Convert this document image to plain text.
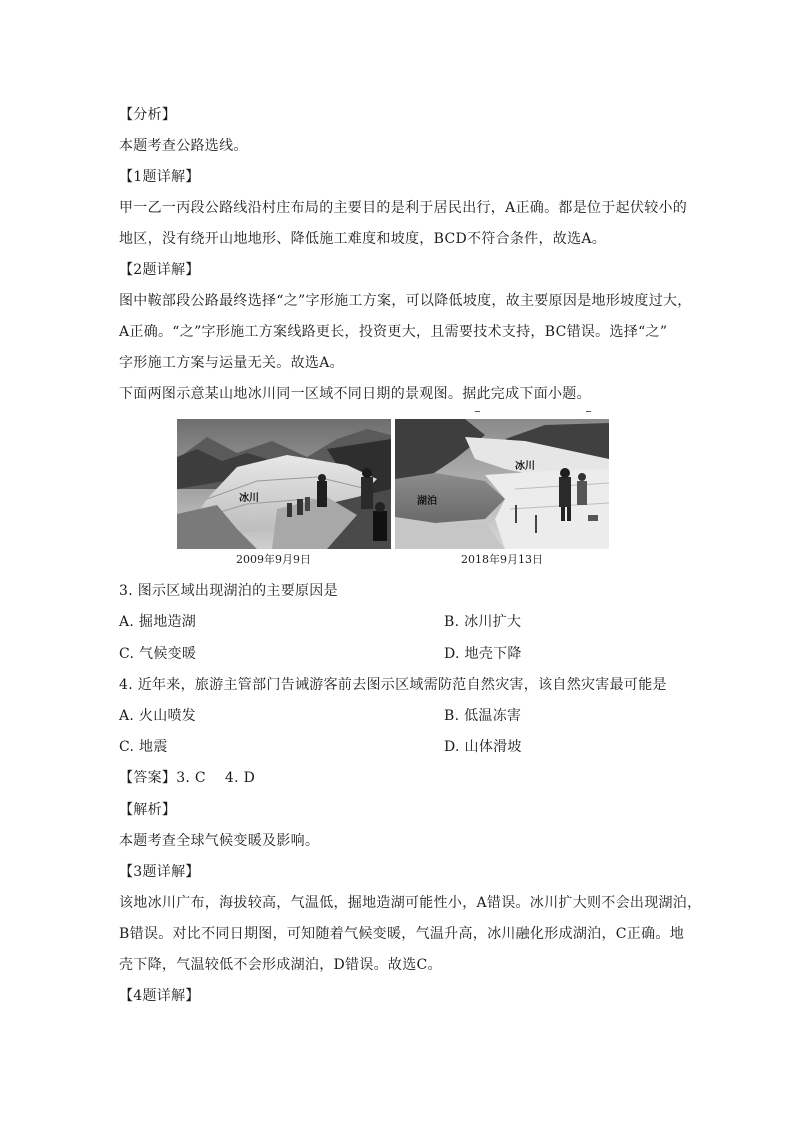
【分析】
本题考查公路选线。
【1题详解】
甲一乙一丙段公路线沿村庄布局的主要目的是利于居民出行，A正确。都是位于起伏较小的
地区，没有绕开山地地形、降低施工难度和坡度，BCD不符合条件，故选A。
【2题详解】
图中鞍部段公路最终选择“之”字形施工方案，可以降低坡度，故主要原因是地形坡度过大，
A正确。“之”字形施工方案线路更长，投资更大，且需要技术支持，BC错误。选择“之”
字形施工方案与运量无关。故选A。
下面两图示意某山地冰川同一区域不同日期的景观图。据此完成下面小题。
冰川
2009年9月9日
冰川
湖泊
2018年9月13日
3. 图示区域出现湖泊的主要原因是
A. 掘地造湖	B. 冰川扩大
C. 气候变暖	D. 地壳下降
4. 近年来，旅游主管部门告诫游客前去图示区域需防范自然灾害，该自然灾害最可能是
A. 火山喷发	B. 低温冻害
C. 地震	D. 山体滑坡
【答案】3. C    4. D
【解析】
本题考查全球气候变暖及影响。
【3题详解】
该地冰川广布，海拔较高，气温低，掘地造湖可能性小，A错误。冰川扩大则不会出现湖泊，
B错误。对比不同日期图，可知随着气候变暖，气温升高，冰川融化形成湖泊，C正确。地
壳下降，气温较低不会形成湖泊，D错误。故选C。
【4题详解】
